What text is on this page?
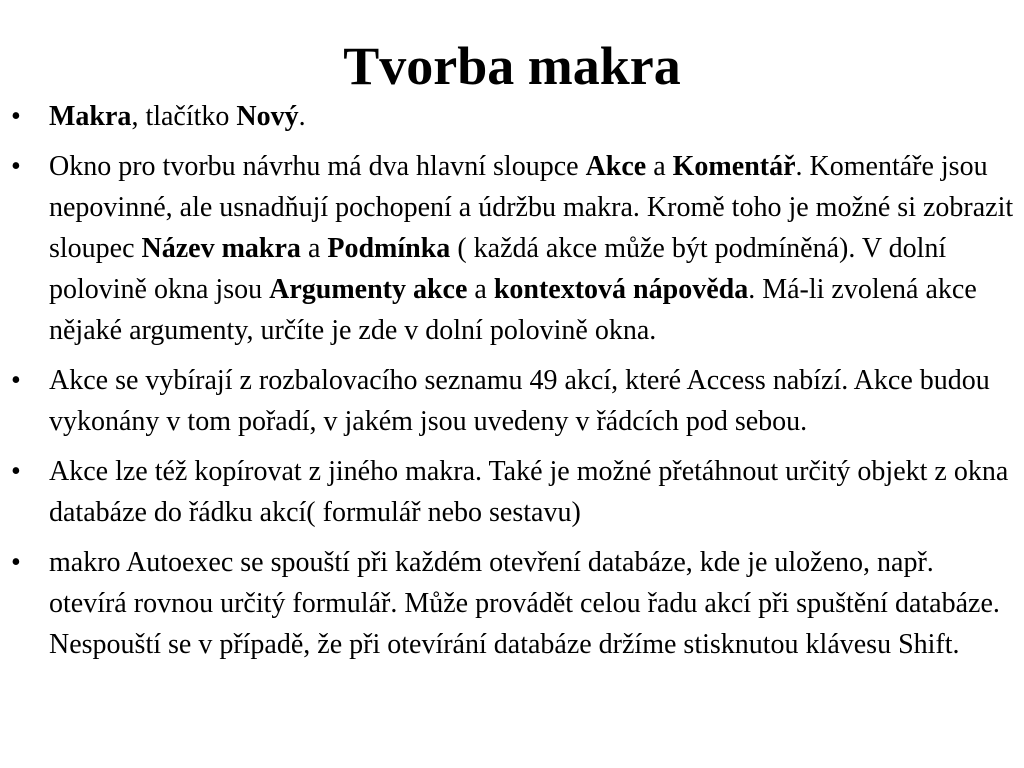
Tvorba makra
• Makra, tlačítko Nový.
• Okno pro tvorbu návrhu má dva hlavní sloupce Akce a Komentář. Komentáře jsou nepovinné, ale usnadňují pochopení a údržbu makra. Kromě toho je možné si zobrazit sloupec Název makra a Podmínka ( každá akce může být podmíněná). V dolní polovině okna jsou Argumenty akce a kontextová nápověda. Má-li zvolená akce nějaké argumenty, určíte je zde v dolní polovině okna.
• Akce se vybírají z rozbalovacího seznamu 49 akcí, které Access nabízí. Akce budou vykonány v tom pořadí, v jakém jsou uvedeny v řádcích pod sebou.
• Akce lze též kopírovat z jiného makra. Také je možné přetáhnout určitý objekt z okna databáze do řádku akcí( formulář nebo sestavu)
• makro Autoexec se spouští při každém otevření databáze, kde je uloženo, např. otevírá rovnou určitý formulář. Může provádět celou řadu akcí při spuštění databáze. Nespouští se v případě, že při otevírání databáze držíme stisknutou klávesu Shift.
